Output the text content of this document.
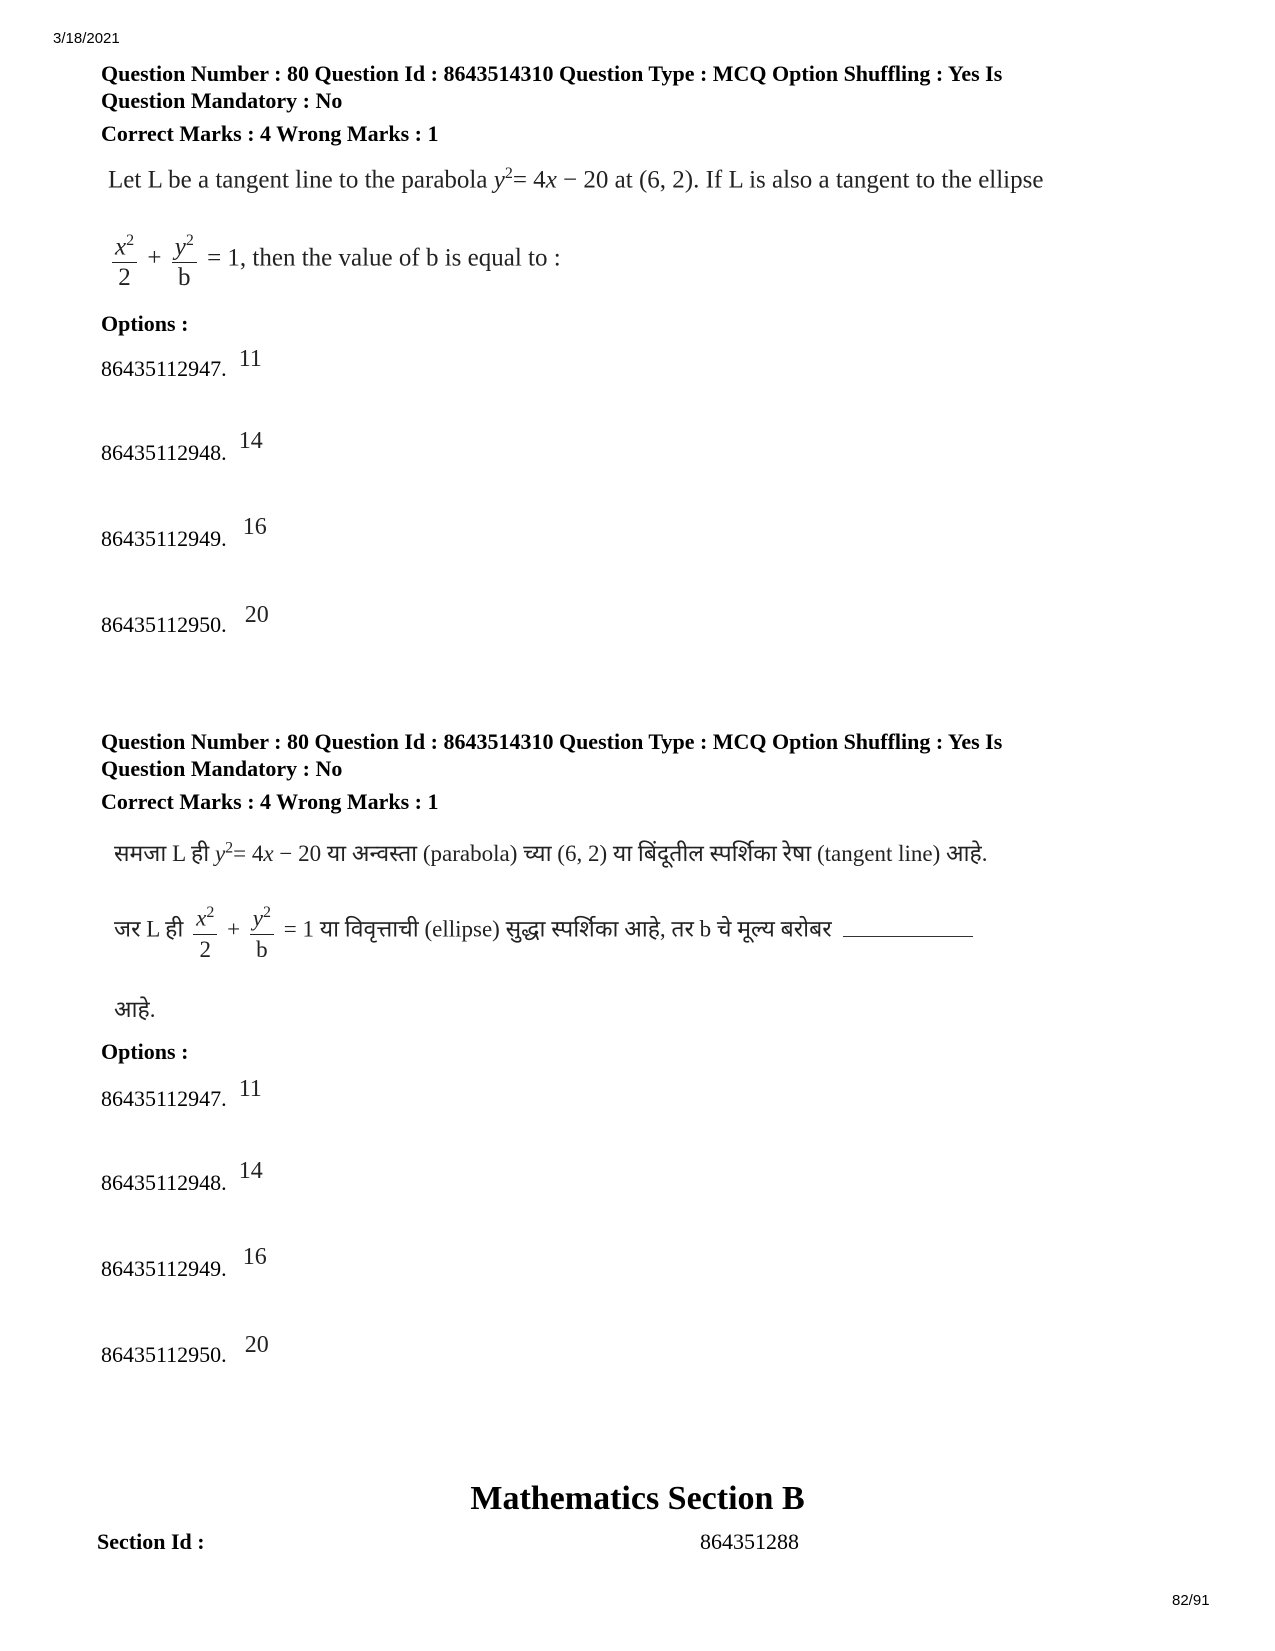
3/18/2021
82/91
Question Number : 80 Question Id : 8643514310 Question Type : MCQ Option Shuffling : Yes Is
Question Mandatory : No
Correct Marks : 4 Wrong Marks : 1
Let L be a tangent line to the parabola $y^2= 4x - 20$ at (6, 2). If L is also a tangent to the ellipse
$\frac{x^2}{2} + \frac{y^2}{b} = 1$, then the value of b is equal to :
Options :
86435112947. 11
86435112948. 14
86435112949. 16
86435112950. 20
Question Number : 80 Question Id : 8643514310 Question Type : MCQ Option Shuffling : Yes Is
Question Mandatory : No
Correct Marks : 4 Wrong Marks : 1
समजा L ही $y^2= 4x - 20$ या अन्वस्ता (parabola) च्या (6, 2) या बिंदूतील स्पर्शिका रेषा (tangent line) आहे.
जर L ही $\frac{x^2}{2} + \frac{y^2}{b} = 1$ या विवृत्ताची (ellipse) सुद्धा स्पर्शिका आहे, तर b चे मूल्य बरोबर
आहे.
Options :
86435112947. 11
86435112948. 14
86435112949. 16
86435112950. 20
Mathematics Section B
Section Id :	864351288
